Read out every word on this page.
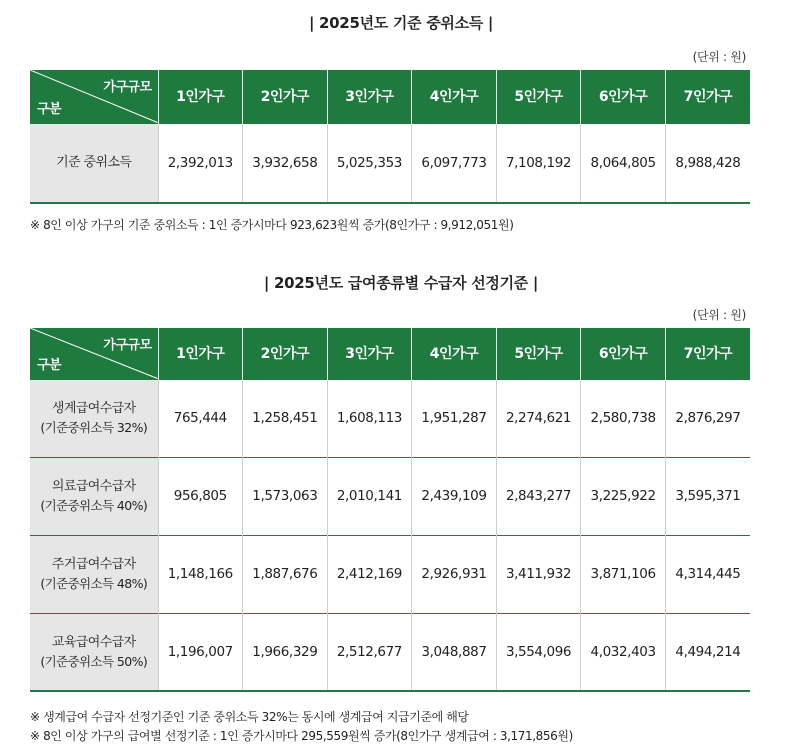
| 2025년도 기준 중위소득 |
(단위 : 원)
가구규모
구분	1인가구	2인가구	3인가구	4인가구	5인가구	6인가구	7인가구
기준 중위소득	2,392,013	3,932,658	5,025,353	6,097,773	7,108,192	8,064,805	8,988,428
※ 8인 이상 가구의 기준 중위소득 : 1인 증가시마다 923,623원씩 증가(8인가구 : 9,912,051원)
| 2025년도 급여종류별 수급자 선정기준 |
(단위 : 원)
가구규모
구분	1인가구	2인가구	3인가구	4인가구	5인가구	6인가구	7인가구

생계급여수급자
(기준중위소득 32%)	765,444	1,258,451	1,608,113	1,951,287	2,274,621	2,580,738	2,876,297

의료급여수급자
(기준중위소득 40%)	956,805	1,573,063	2,010,141	2,439,109	2,843,277	3,225,922	3,595,371

주거급여수급자
(기준중위소득 48%)	1,148,166	1,887,676	2,412,169	2,926,931	3,411,932	3,871,106	4,314,445

교육급여수급자
(기준중위소득 50%)	1,196,007	1,966,329	2,512,677	3,048,887	3,554,096	4,032,403	4,494,214
※ 생계급여 수급자 선정기준인 기준 중위소득 32%는 동시에 생계급여 지급기준에 해당
※ 8인 이상 가구의 급여별 선정기준 : 1인 증가시마다 295,559원씩 증가(8인가구 생계급여 : 3,171,856원)
